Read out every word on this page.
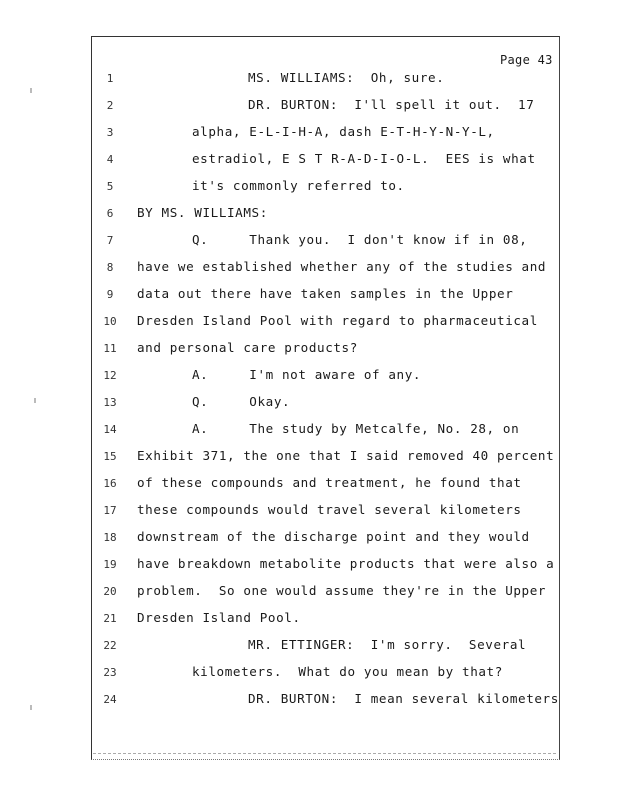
Page 43
1	MS. WILLIAMS:  Oh, sure.
2	DR. BURTON:  I'll spell it out.  17
3	alpha, E-L-I-H-A, dash E-T-H-Y-N-Y-L,
4	estradiol, E S T R-A-D-I-O-L.  EES is what
5	it's commonly referred to.
6	BY MS. WILLIAMS:
7	Q.     Thank you.  I don't know if in 08,
8	have we established whether any of the studies and
9	data out there have taken samples in the Upper
10 Dresden Island Pool with regard to pharmaceutical
11 and personal care products?
12	A.     I'm not aware of any.
13	Q.     Okay.
14	A.     The study by Metcalfe, No. 28, on
15 Exhibit 371, the one that I said removed 40 percent
16 of these compounds and treatment, he found that
17 these compounds would travel several kilometers
18 downstream of the discharge point and they would
19 have breakdown metabolite products that were also a
20 problem.  So one would assume they're in the Upper
21 Dresden Island Pool.
22	MR. ETTINGER:  I'm sorry.  Several
23	kilometers.  What do you mean by that?
24	DR. BURTON:  I mean several kilometers
